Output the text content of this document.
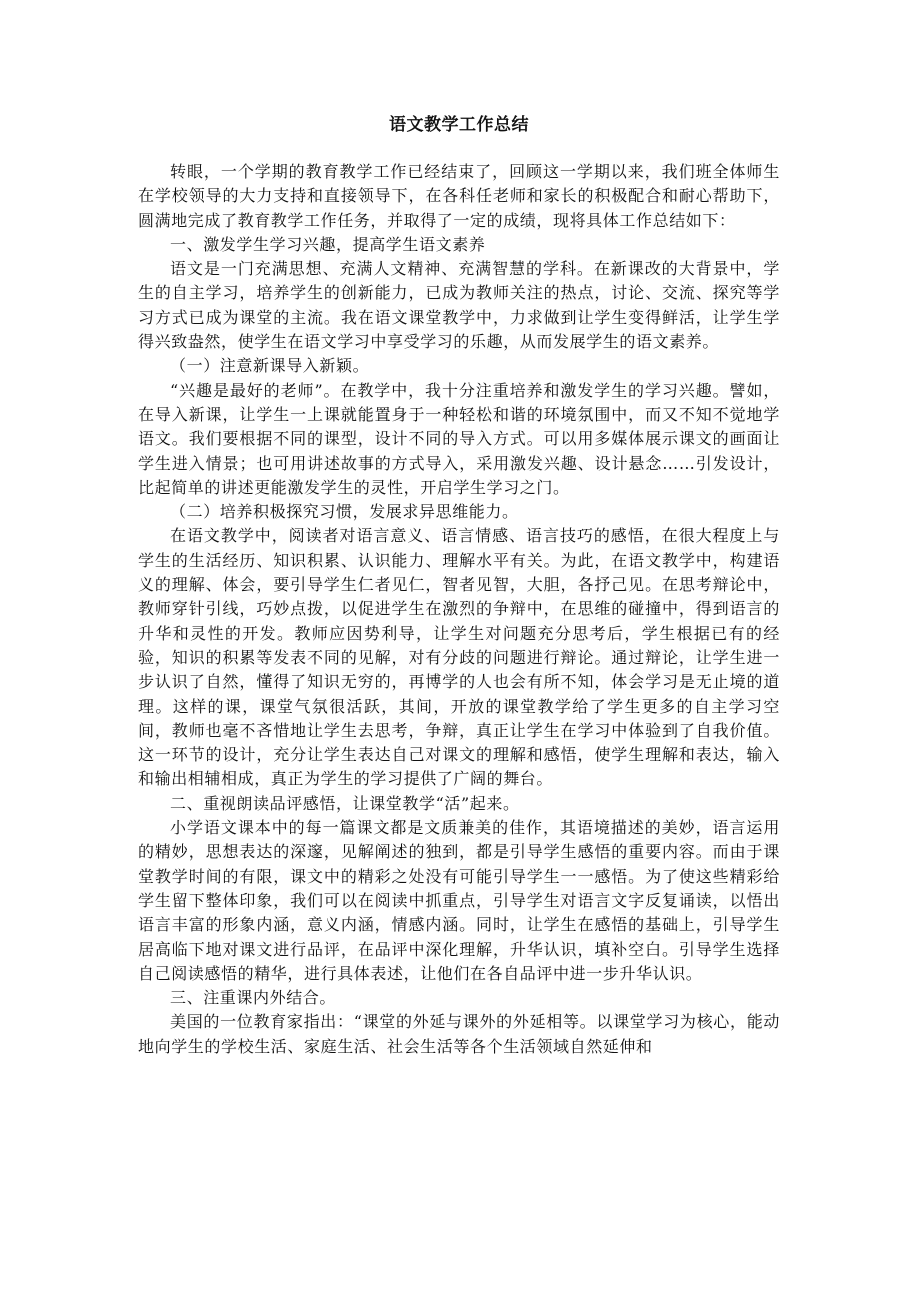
语文教学工作总结

转眼，一个学期的教育教学工作已经结束了，回顾这一学期以来，我们班全体师生在学校领导的大力支持和直接领导下，在各科任老师和家长的积极配合和耐心帮助下，圆满地完成了教育教学工作任务，并取得了一定的成绩，现将具体工作总结如下：

一、激发学生学习兴趣，提高学生语文素养

语文是一门充满思想、充满人文精神、充满智慧的学科。在新课改的大背景中，学生的自主学习，培养学生的创新能力，已成为教师关注的热点，讨论、交流、探究等学习方式已成为课堂的主流。我在语文课堂教学中，力求做到让学生变得鲜活，让学生学得兴致盎然，使学生在语文学习中享受学习的乐趣，从而发展学生的语文素养。

（一）注意新课导入新颖。

“兴趣是最好的老师”。在教学中，我十分注重培养和激发学生的学习兴趣。譬如，在导入新课，让学生一上课就能置身于一种轻松和谐的环境氛围中，而又不知不觉地学语文。我们要根据不同的课型，设计不同的导入方式。可以用多媒体展示课文的画面让学生进入情景；也可用讲述故事的方式导入，采用激发兴趣、设计悬念……引发设计，比起简单的讲述更能激发学生的灵性，开启学生学习之门。

（二）培养积极探究习惯，发展求异思维能力。

在语文教学中，阅读者对语言意义、语言情感、语言技巧的感悟，在很大程度上与学生的生活经历、知识积累、认识能力、理解水平有关。为此，在语文教学中，构建语义的理解、体会，要引导学生仁者见仁，智者见智，大胆，各抒己见。在思考辩论中，教师穿针引线，巧妙点拨，以促进学生在激烈的争辩中，在思维的碰撞中，得到语言的升华和灵性的开发。教师应因势利导，让学生对问题充分思考后，学生根据已有的经验，知识的积累等发表不同的见解，对有分歧的问题进行辩论。通过辩论，让学生进一步认识了自然，懂得了知识无穷的，再博学的人也会有所不知，体会学习是无止境的道理。这样的课，课堂气氛很活跃，其间，开放的课堂教学给了学生更多的自主学习空间，教师也毫不吝惜地让学生去思考，争辩，真正让学生在学习中体验到了自我价值。这一环节的设计，充分让学生表达自己对课文的理解和感悟，使学生理解和表达，输入和输出相辅相成，真正为学生的学习提供了广阔的舞台。

二、重视朗读品评感悟，让课堂教学“活”起来。

小学语文课本中的每一篇课文都是文质兼美的佳作，其语境描述的美妙，语言运用的精妙，思想表达的深邃，见解阐述的独到，都是引导学生感悟的重要内容。而由于课堂教学时间的有限，课文中的精彩之处没有可能引导学生一一感悟。为了使这些精彩给学生留下整体印象，我们可以在阅读中抓重点，引导学生对语言文字反复诵读，以悟出语言丰富的形象内涵，意义内涵，情感内涵。同时，让学生在感悟的基础上，引导学生居高临下地对课文进行品评，在品评中深化理解，升华认识，填补空白。引导学生选择自己阅读感悟的精华，进行具体表述，让他们在各自品评中进一步升华认识。

三、注重课内外结合。

美国的一位教育家指出：“课堂的外延与课外的外延相等。以课堂学习为核心，能动地向学生的学校生活、家庭生活、社会生活等各个生活领域自然延伸和
